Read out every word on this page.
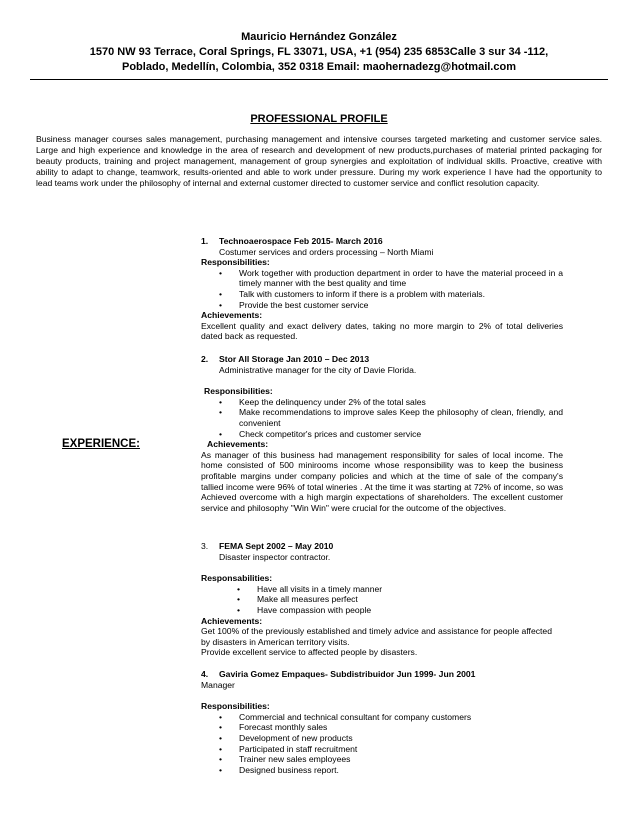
Mauricio Hernández González
1570 NW 93 Terrace, Coral Springs, FL 33071, USA, +1 (954) 235 6853Calle 3 sur 34 -112,
Poblado, Medellín, Colombia, 352 0318 Email: maohernadezg@hotmail.com
PROFESSIONAL PROFILE
Business manager courses sales management, purchasing management and intensive courses targeted marketing and customer service sales. Large and high experience and knowledge in the area of research and development of new products,purchases of material printed packaging for beauty products, training and project management, management of group synergies and exploitation of individual skills. Proactive, creative with ability to adapt to change, teamwork, results-oriented and able to work under pressure. During my work experience I have had the opportunity to lead teams work under the philosophy of internal and external customer directed to customer service and conflict resolution capacity.
EXPERIENCE:
1. Technoaerospace Feb 2015- March 2016
Costumer services and orders processing – North Miami
Responsibilities:
• Work together with production department in order to have the material proceed in a timely manner with the best quality and time
• Talk with customers to inform if there is a problem with materials.
• Provide the best customer service
Achievements:
Excellent quality and exact delivery dates, taking no more margin to 2% of total deliveries dated back as requested.
2. Stor All Storage Jan 2010 – Dec 2013
Administrative manager for the city of Davie Florida.
Responsibilities:
• Keep the delinquency under 2% of the total sales
• Make recommendations to improve sales Keep the philosophy of clean, friendly, and convenient
• Check competitor's prices and customer service
Achievements:
As manager of this business had management responsibility for sales of local income. The home consisted of 500 minirooms income whose responsibility was to keep the business profitable margins under company policies and which at the time of sale of the company's tallied income were 96% of total wineries . At the time it was starting at 72% of income, so was Achieved overcome with a high margin expectations of shareholders. The excellent customer service and philosophy "Win Win" were crucial for the outcome of the objectives.
3. FEMA Sept 2002 – May 2010
Disaster inspector contractor.
Responsabilities:
• Have all visits in a timely manner
• Make all measures perfect
• Have compassion with people
Achievements:
Get 100% of the previously established and timely advice and assistance for people affected by disasters in American territory visits.
Provide excellent service to affected people by disasters.
4. Gaviria Gomez Empaques- Subdistribuidor Jun 1999- Jun 2001
Manager
Responsibilities:
• Commercial and technical consultant for company customers
• Forecast monthly sales
• Development of new products
• Participated in staff recruitment
• Trainer new sales employees
• Designed business report.
